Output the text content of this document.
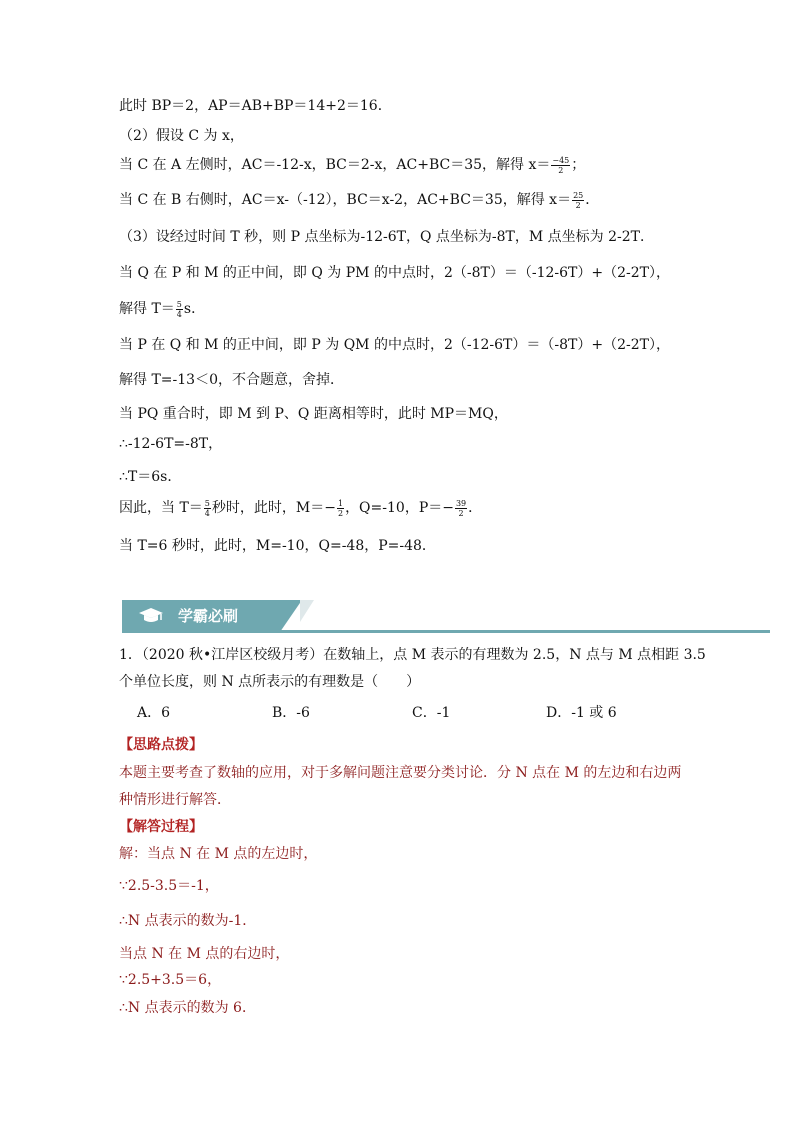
此时 BP＝2，AP＝AB+BP＝14+2＝16．
（2）假设 C 为 x，
当 C 在 A 左侧时，AC＝-12-x，BC＝2-x，AC+BC＝35，解得 $x= \frac{-45}{2}$ ；
当 C 在 B 右侧时，AC＝x-（-12），BC＝x-2，AC+BC＝35，解得 $x= \frac{25}{2}$ ．
（3）设经过时间 T 秒，则 P 点坐标为-12-6T，Q 点坐标为-8T，M 点坐标为 2-2T．
当 Q 在 P 和 M 的正中间，即 Q 为 PM 的中点时，2（-8T）＝（-12-6T）+（2-2T），
解得 $T= \frac{5}{4}$ s．
当 P 在 Q 和 M 的正中间，即 P 为 QM 的中点时，2（-12-6T）＝（-8T）+（2-2T），
解得 T=-13＜0，不合题意，舍掉．
当 PQ 重合时，即 M 到 P、Q 距离相等时，此时 MP＝MQ，
∴-12-6T=-8T，
∴T＝6s．
因此，当 $T= \frac{5}{4}$ 秒时，此时，$M=- \frac{1}{2}$ ，Q=-10，$P=- \frac{39}{2}$ ．
当 T=6 秒时，此时，M=-10，Q=-48，P=-48．
学霸必刷
1．（2020 秋•江岸区校级月考）在数轴上，点 M 表示的有理数为 2.5，N 点与 M 点相距 3.5
个单位长度，则 N 点所表示的有理数是（　　）
A．6	B．-6	C．-1	D．-1 或 6
【思路点拨】
本题主要考查了数轴的应用，对于多解问题注意要分类讨论．分 N 点在 M 的左边和右边两
种情形进行解答．
【解答过程】
解：当点 N 在 M 点的左边时，
∵2.5-3.5＝-1，
∴N 点表示的数为-1．
当点 N 在 M 点的右边时，
∵2.5+3.5＝6，
∴N 点表示的数为 6．
